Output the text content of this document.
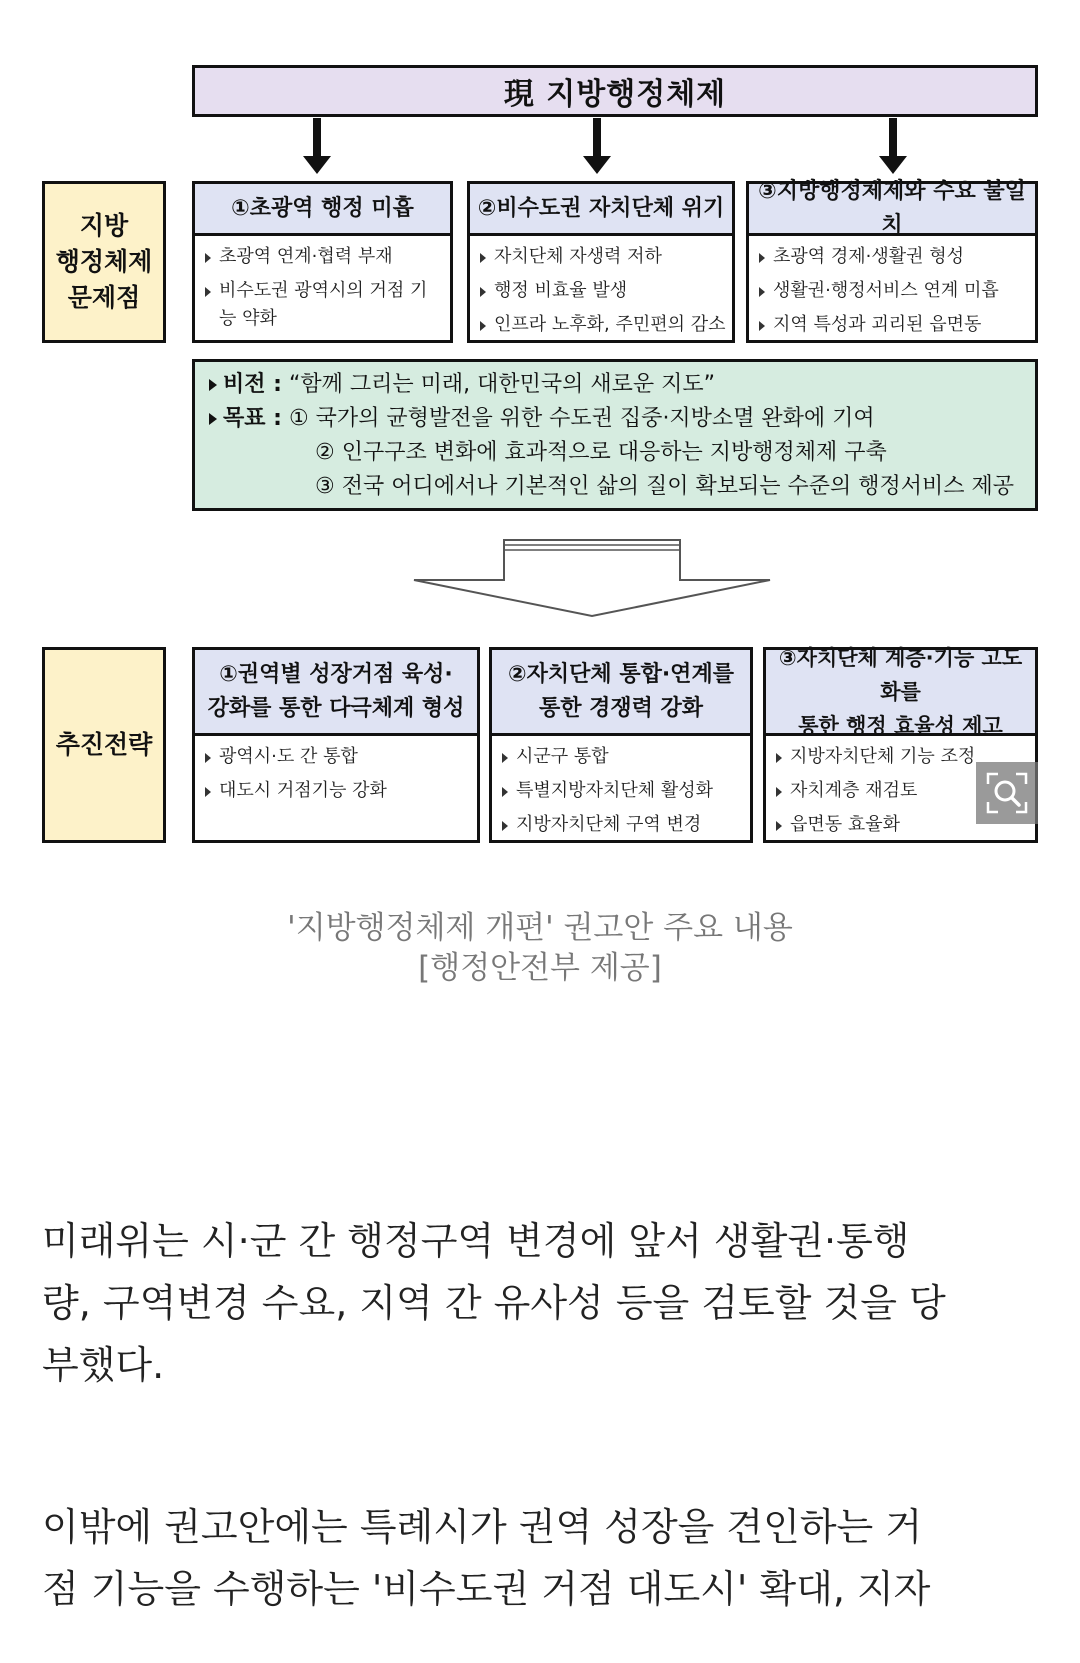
現 지방행정체제
지방
행정체제
문제점
①초광역 행정 미흡
초광역 연계·협력 부재
비수도권 광역시의 거점 기능 약화
②비수도권 자치단체 위기
자치단체 자생력 저하
행정 비효율 발생
인프라 노후화, 주민편의 감소
③지방행정체제와 수요 불일치
초광역 경제·생활권 형성
생활권·행정서비스 연계 미흡
지역 특성과 괴리된 읍면동
비전 : “함께 그리는 미래, 대한민국의 새로운 지도”
목표 : ① 국가의 균형발전을 위한 수도권 집중·지방소멸 완화에 기여
② 인구구조 변화에 효과적으로 대응하는 지방행정체제 구축
③ 전국 어디에서나 기본적인 삶의 질이 확보되는 수준의 행정서비스 제공
추진전략
①권역별 성장거점 육성·
강화를 통한 다극체계 형성
광역시·도 간 통합
대도시 거점기능 강화
②자치단체 통합·연계를
통한 경쟁력 강화
시군구 통합
특별지방자치단체 활성화
지방자치단체 구역 변경
③자치단체 계층·기능 고도화를
통한 행정 효율성 제고
지방자치단체 기능 조정
자치계층 재검토
읍면동 효율화
'지방행정체제 개편' 권고안 주요 내용
[행정안전부 제공]
미래위는 시·군 간 행정구역 변경에 앞서 생활권·통행
량, 구역변경 수요, 지역 간 유사성 등을 검토할 것을 당
부했다.
이밖에 권고안에는 특례시가 권역 성장을 견인하는 거
점 기능을 수행하는 '비수도권 거점 대도시' 확대, 지자
